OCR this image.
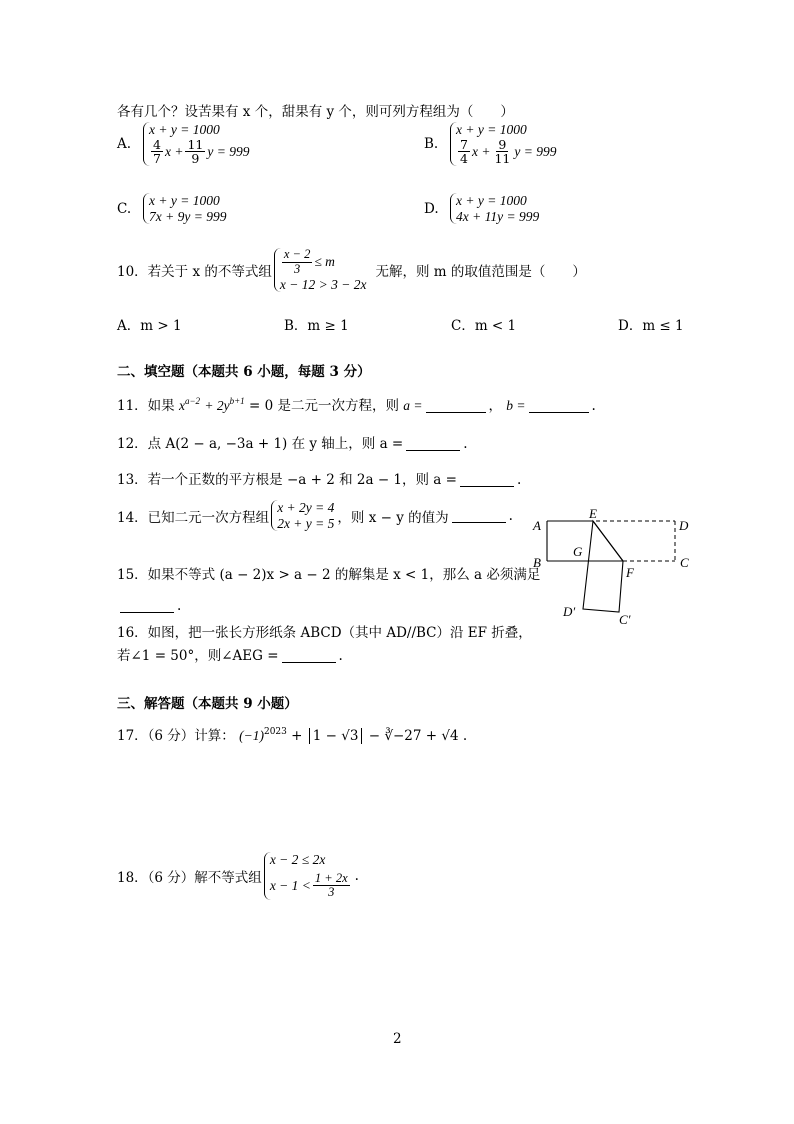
各有几个？设苦果有 x 个，甜果有 y 个，则可列方程组为（　　）
A.
x + y = 1000
$\frac{4}{7}$ $x + \frac{11}{9}$ y = 999	B.
x + y = 1000
$\frac{7}{4}$ $x + \frac{9}{11}$ y = 999
C.
x + y = 1000
7x + 9y = 999	D.
x + y = 1000
4x + 11y = 999
10．若关于 x 的不等式组 $\frac{x - 2}{3} \le m$
x − 12 > 3 − 2x
无解，则 m 的取值范围是（　　）
A．m > 1	B．m ≥ 1	C．m < 1	D．m ≤ 1
二、填空题（本题共 6 小题，每题 3 分）
11．如果 $x^{a-2} + 2y^{b+1} = 0$ 是二元一次方程，则 a =	， b =	.
12．点 A(2 − a, −3a + 1) 在 y 轴上，则 a =	.
13．若一个正数的平方根是 −a + 2 和 2a − 1，则 a =	.
14．已知二元一次方程组
x + 2y = 4
2x + y = 5 ，则 x − y 的值为	.
15．如果不等式 (a − 2)x > a − 2 的解集是 x < 1，那么 a 必须满足
.
16．如图，把一张长方形纸条 ABCD（其中 AD//BC）沿 EF 折叠，
若∠1 = 50°，则∠AEG =	.
A
E
D
B
G
F
C
D′
C′
三、解答题（本题共 9 小题）
17．（6 分）计算： $(-1)^{2023} + 1 - √3$ − ∛−27 + √4 .
18．（6 分）解不等式组
x − 2 ≤ 2x
$x - 1 < \frac{1 + 2x}{3}$ .
2
